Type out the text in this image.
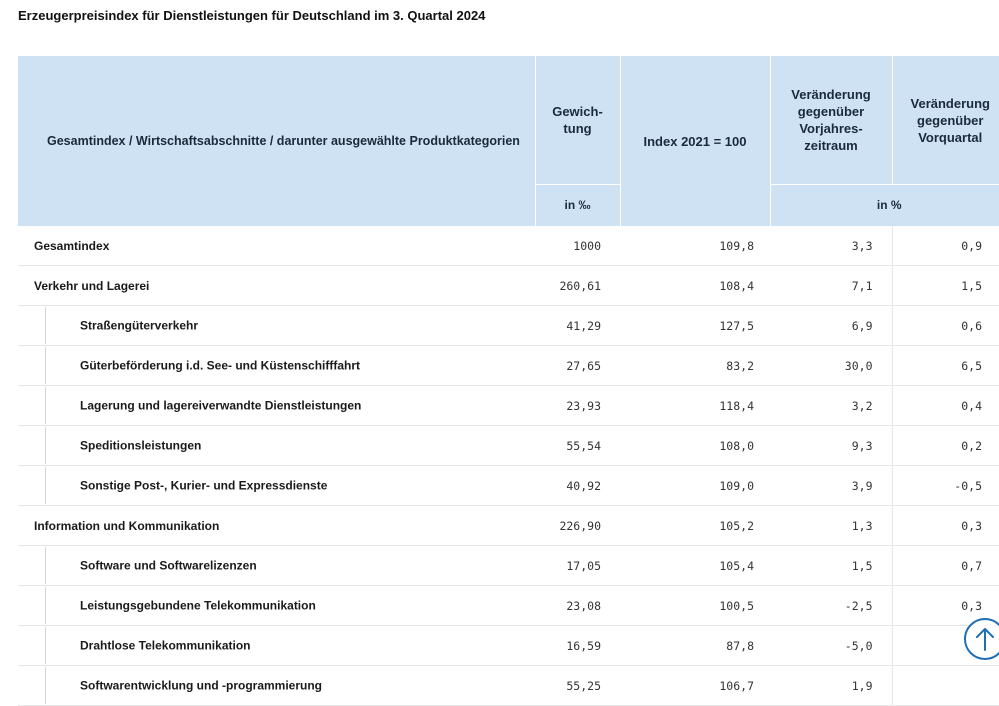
Erzeugerpreisindex für Dienstleistungen für Deutschland im 3. Quartal 2024
Gesamtindex / Wirtschaftsabschnitte / darunter ausgewählte Produktkategorien	Gewich-
tung	Index 2021 = 100	Veränderung
gegenüber
Vorjahres-
zeitraum	Veränderung
gegenüber
Vorquartal
	in ‰		in %	
Gesamtindex	1000	109,8	3,3	0,9
Verkehr und Lagerei	260,61	108,4	7,1	1,5
Straßengüterverkehr	41,29	127,5	6,9	0,6
Güterbeförderung i.d. See- und Küstenschifffahrt	27,65	83,2	30,0	6,5
Lagerung und lagereiverwandte Dienstleistungen	23,93	118,4	3,2	0,4
Speditionsleistungen	55,54	108,0	9,3	0,2
Sonstige Post-, Kurier- und Expressdienste	40,92	109,0	3,9	-0,5
Information und Kommunikation	226,90	105,2	1,3	0,3
Software und Softwarelizenzen	17,05	105,4	1,5	0,7
Leistungsgebundene Telekommunikation	23,08	100,5	-2,5	0,3
Drahtlose Telekommunikation	16,59	87,8	-5,0	
Softwarentwicklung und -programmierung	55,25	106,7	1,9	
